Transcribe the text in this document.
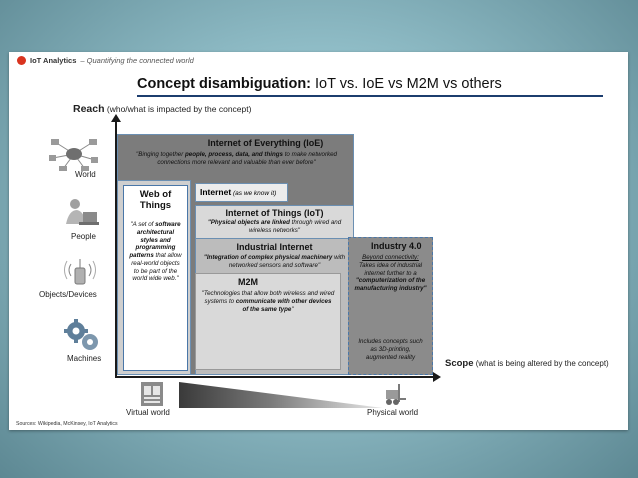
IoT Analytics – Quantifying the connected world
Concept disambiguation: IoT vs. IoE vs M2M vs others
Reach (who/what is impacted by the concept)
World
People
Objects/Devices
Machines
Internet of Everything (IoE)
"Binging together people, process, data, and things to make networked connections more relevant and valuable than ever before"
Internet of Things (IoT)
"Physical objects are linked through wired and wireless networks"
Industrial Internet
"Integration of complex physical machinery with networked sensors and software"
M2M
"Technologies that allow both wireless and wired systems to communicate with other devices of the same type"
Internet (as we know it)
Industry 4.0
Beyond connectivity: Takes idea of industrial internet further to a "computerization of the manufacturing industry"
Includes concepts such as 3D-printing, augmented reality
Web of
Things
"A set of software architectural styles and programming patterns that allow real-world objects to be part of the world wide web."
Scope (what is being altered by the concept)
Virtual world	Physical world
Sources: Wikipedia, McKinsey, IoT Analytics
